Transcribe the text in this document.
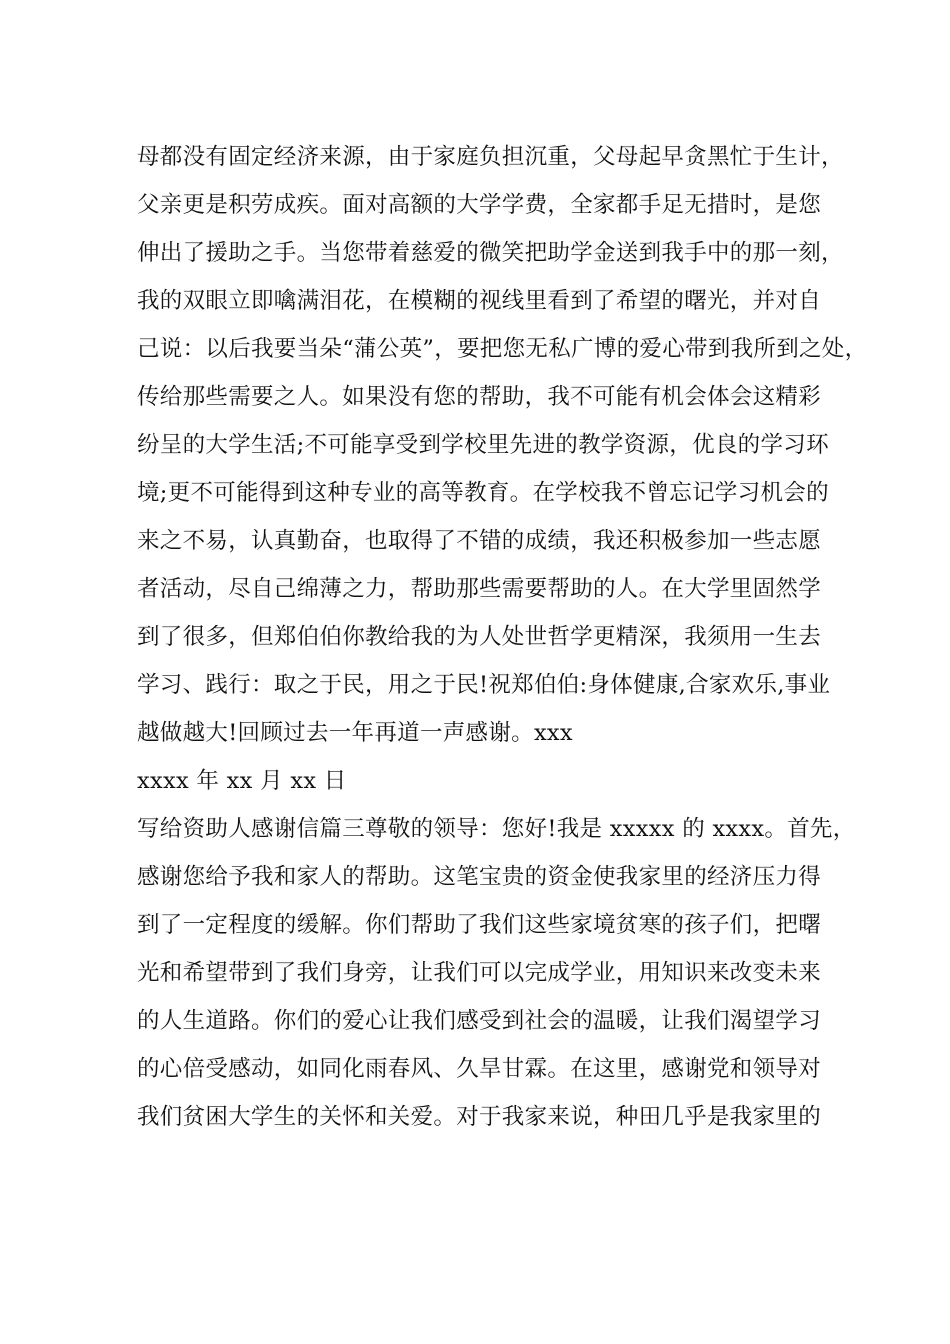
母都没有固定经济来源，由于家庭负担沉重，父母起早贪黑忙于生计，
父亲更是积劳成疾。面对高额的大学学费，全家都手足无措时，是您
伸出了援助之手。当您带着慈爱的微笑把助学金送到我手中的那一刻，
我的双眼立即噙满泪花，在模糊的视线里看到了希望的曙光，并对自
己说：以后我要当朵“蒲公英”，要把您无私广博的爱心带到我所到之处，
传给那些需要之人。如果没有您的帮助，我不可能有机会体会这精彩
纷呈的大学生活;不可能享受到学校里先进的教学资源，优良的学习环
境;更不可能得到这种专业的高等教育。在学校我不曾忘记学习机会的
来之不易，认真勤奋，也取得了不错的成绩，我还积极参加一些志愿
者活动，尽自己绵薄之力，帮助那些需要帮助的人。在大学里固然学
到了很多，但郑伯伯你教给我的为人处世哲学更精深，我须用一生去
学习、践行：取之于民，用之于民!祝郑伯伯:身体健康,合家欢乐,事业
越做越大!回顾过去一年再道一声感谢。xxx
xxxx 年 xx 月 xx 日
写给资助人感谢信篇三尊敬的领导：您好!我是 xxxxx 的 xxxx。首先，
感谢您给予我和家人的帮助。这笔宝贵的资金使我家里的经济压力得
到了一定程度的缓解。你们帮助了我们这些家境贫寒的孩子们，把曙
光和希望带到了我们身旁，让我们可以完成学业，用知识来改变未来
的人生道路。你们的爱心让我们感受到社会的温暖，让我们渴望学习
的心倍受感动，如同化雨春风、久旱甘霖。在这里，感谢党和领导对
我们贫困大学生的关怀和关爱。对于我家来说，种田几乎是我家里的
